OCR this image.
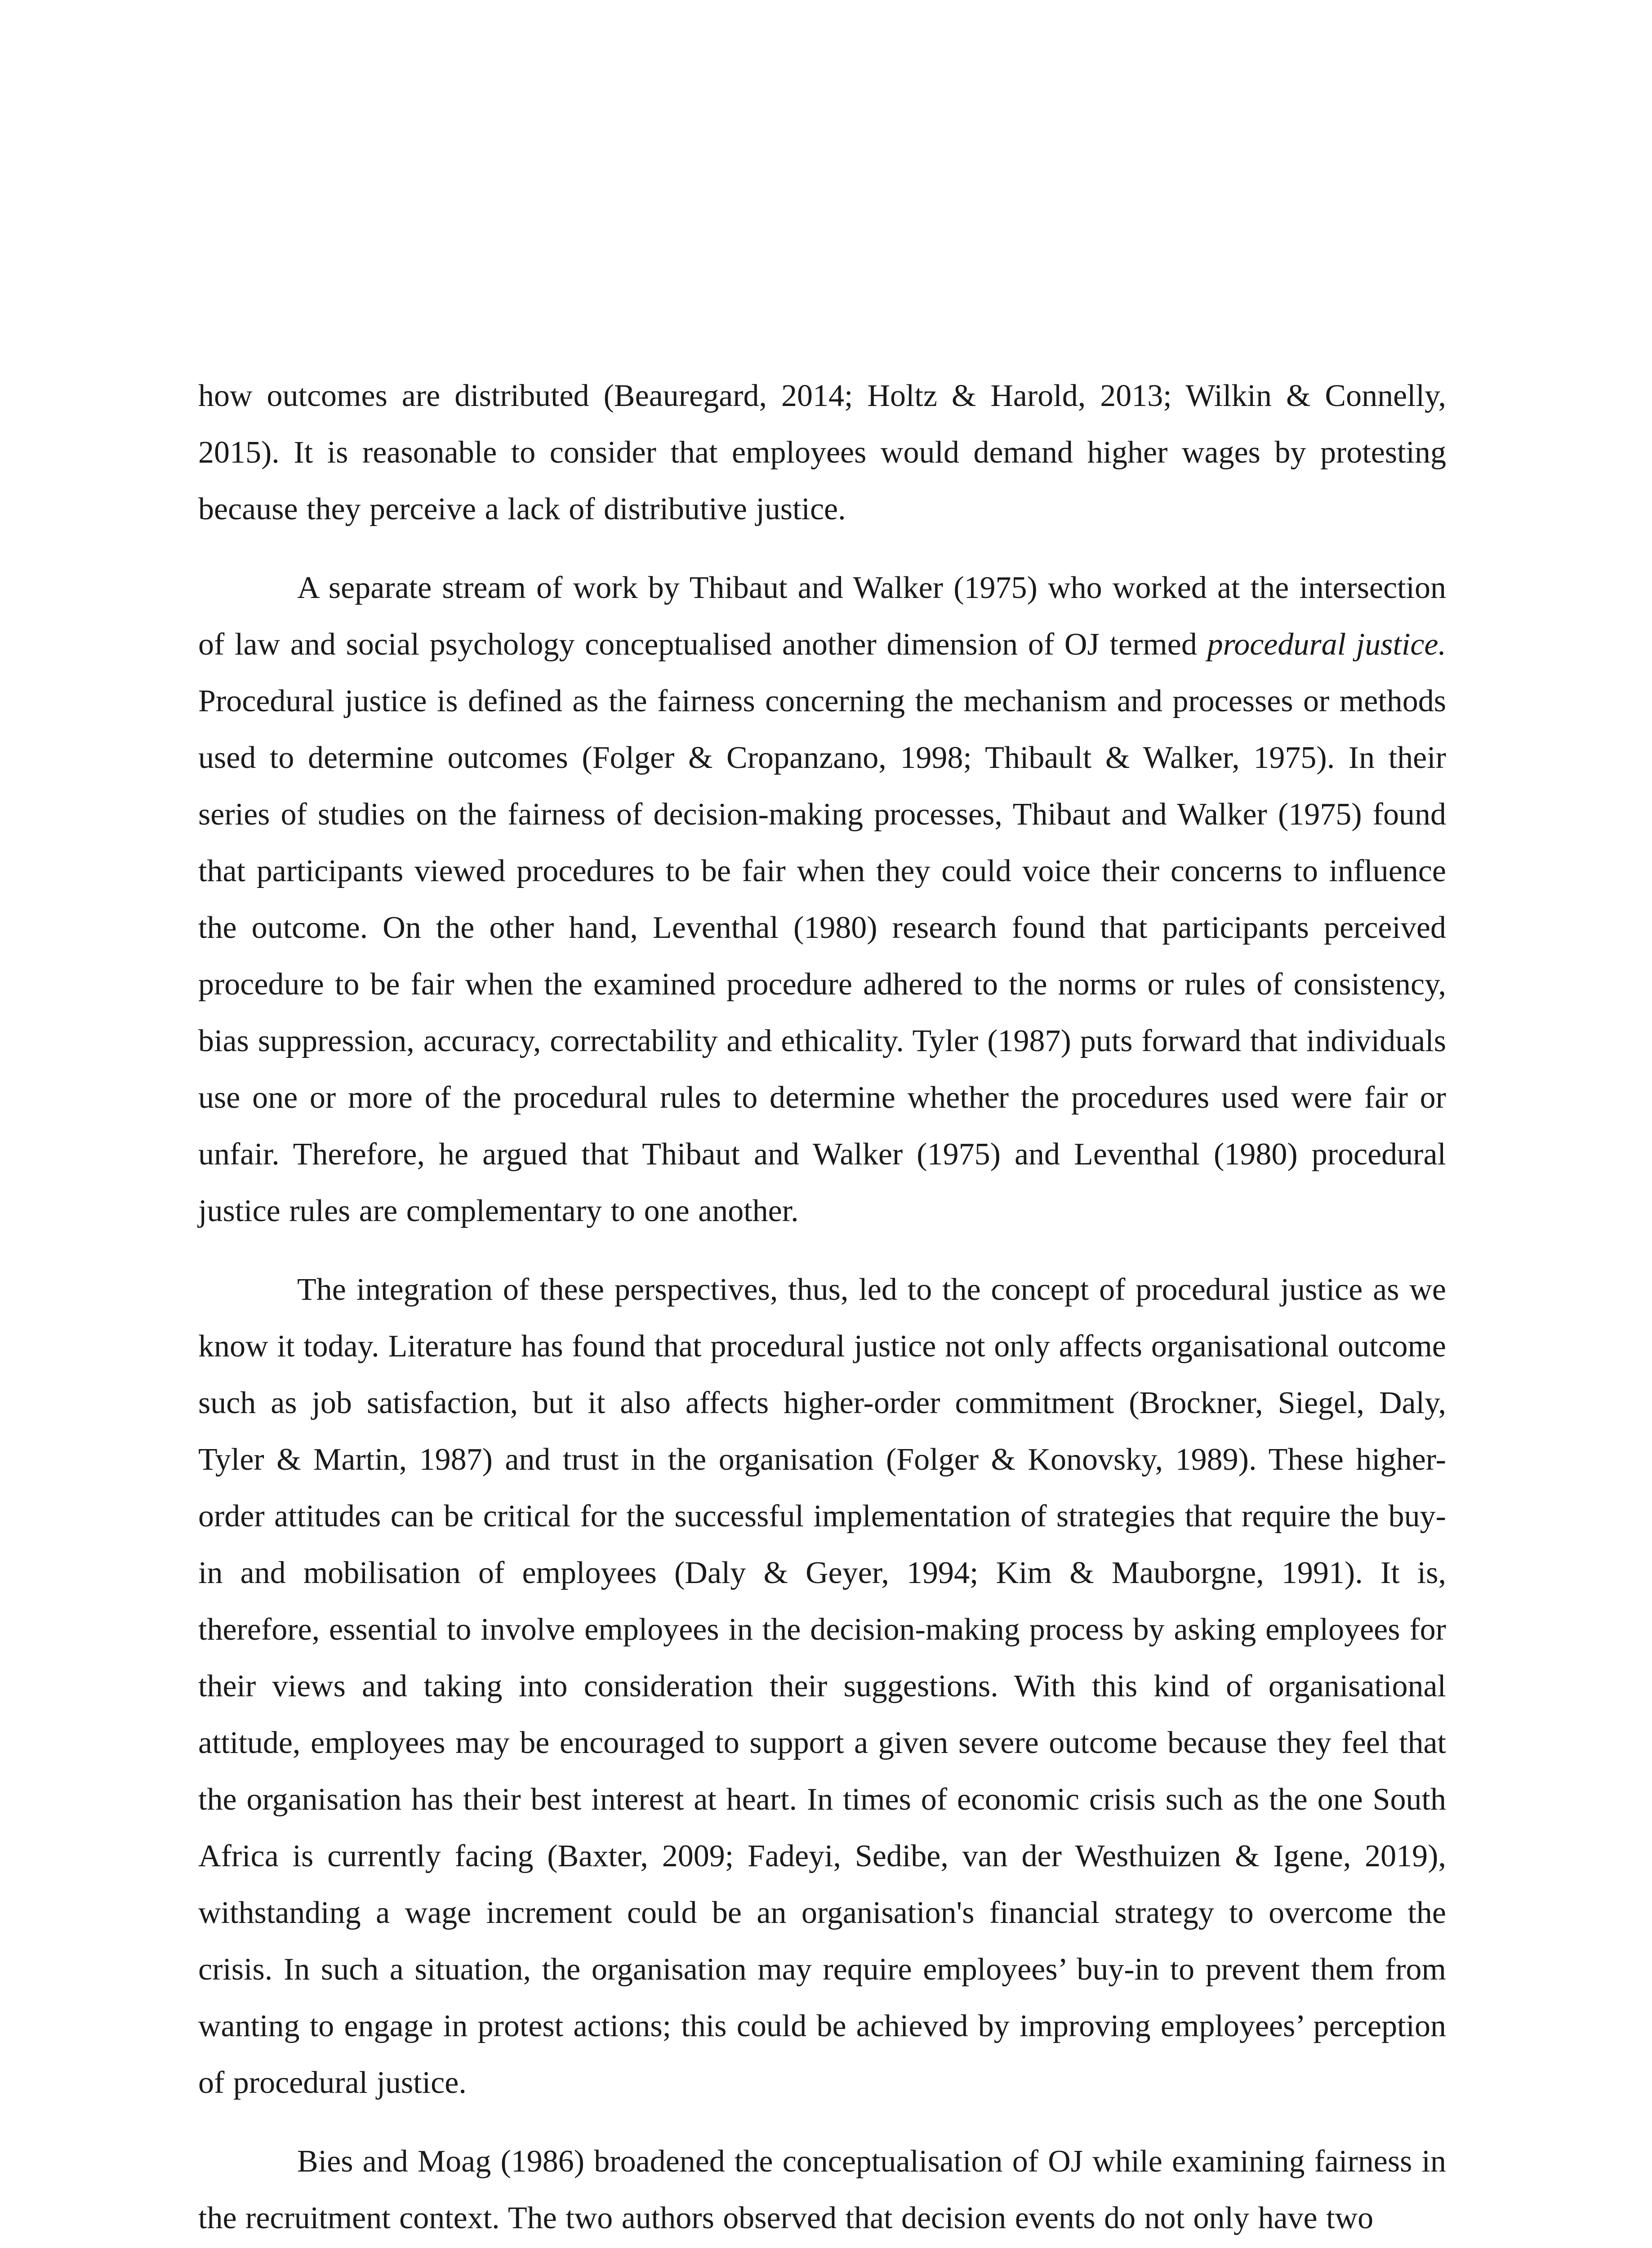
how outcomes are distributed (Beauregard, 2014; Holtz & Harold, 2013; Wilkin & Connelly, 2015). It is reasonable to consider that employees would demand higher wages by protesting because they perceive a lack of distributive justice.

A separate stream of work by Thibaut and Walker (1975) who worked at the intersection of law and social psychology conceptualised another dimension of OJ termed procedural justice. Procedural justice is defined as the fairness concerning the mechanism and processes or methods used to determine outcomes (Folger & Cropanzano, 1998; Thibault & Walker, 1975). In their series of studies on the fairness of decision-making processes, Thibaut and Walker (1975) found that participants viewed procedures to be fair when they could voice their concerns to influence the outcome. On the other hand, Leventhal (1980) research found that participants perceived procedure to be fair when the examined procedure adhered to the norms or rules of consistency, bias suppression, accuracy, correctability and ethicality. Tyler (1987) puts forward that individuals use one or more of the procedural rules to determine whether the procedures used were fair or unfair. Therefore, he argued that Thibaut and Walker (1975) and Leventhal (1980) procedural justice rules are complementary to one another.

The integration of these perspectives, thus, led to the concept of procedural justice as we know it today. Literature has found that procedural justice not only affects organisational outcome such as job satisfaction, but it also affects higher-order commitment (Brockner, Siegel, Daly, Tyler & Martin, 1987) and trust in the organisation (Folger & Konovsky, 1989). These higher-order attitudes can be critical for the successful implementation of strategies that require the buy-in and mobilisation of employees (Daly & Geyer, 1994; Kim & Mauborgne, 1991). It is, therefore, essential to involve employees in the decision-making process by asking employees for their views and taking into consideration their suggestions. With this kind of organisational attitude, employees may be encouraged to support a given severe outcome because they feel that the organisation has their best interest at heart. In times of economic crisis such as the one South Africa is currently facing (Baxter, 2009; Fadeyi, Sedibe, van der Westhuizen & Igene, 2019), withstanding a wage increment could be an organisation's financial strategy to overcome the crisis. In such a situation, the organisation may require employees’ buy-in to prevent them from wanting to engage in protest actions; this could be achieved by improving employees’ perception of procedural justice.

Bies and Moag (1986) broadened the conceptualisation of OJ while examining fairness in the recruitment context. The two authors observed that decision events do not only have two
